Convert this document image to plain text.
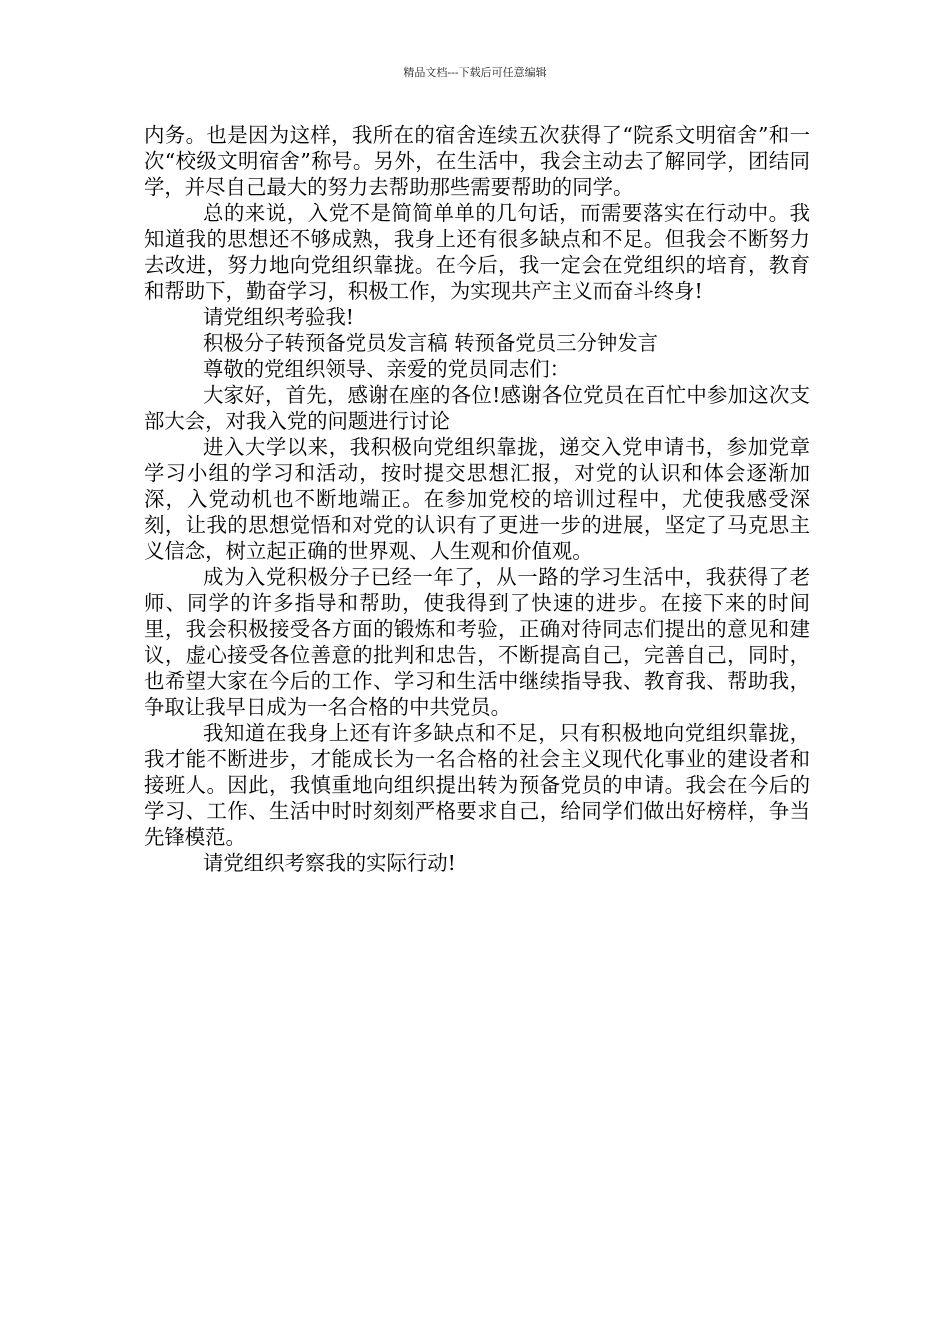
精品文档---下载后可任意编辑

内务。也是因为这样，我所在的宿舍连续五次获得了“院系文明宿舍”和一次“校级文明宿舍”称号。另外，在生活中，我会主动去了解同学，团结同学，并尽自己最大的努力去帮助那些需要帮助的同学。

总的来说，入党不是简简单单的几句话，而需要落实在行动中。我知道我的思想还不够成熟，我身上还有很多缺点和不足。但我会不断努力去改进，努力地向党组织靠拢。在今后，我一定会在党组织的培育，教育和帮助下，勤奋学习，积极工作，为实现共产主义而奋斗终身!

请党组织考验我!

积极分子转预备党员发言稿 转预备党员三分钟发言

尊敬的党组织领导、亲爱的党员同志们：

大家好，首先，感谢在座的各位!感谢各位党员在百忙中参加这次支部大会，对我入党的问题进行讨论

进入大学以来，我积极向党组织靠拢，递交入党申请书，参加党章学习小组的学习和活动，按时提交思想汇报，对党的认识和体会逐渐加深，入党动机也不断地端正。在参加党校的培训过程中，尤使我感受深刻，让我的思想觉悟和对党的认识有了更进一步的进展，坚定了马克思主义信念，树立起正确的世界观、人生观和价值观。

成为入党积极分子已经一年了，从一路的学习生活中，我获得了老师、同学的许多指导和帮助，使我得到了快速的进步。在接下来的时间里，我会积极接受各方面的锻炼和考验，正确对待同志们提出的意见和建议，虚心接受各位善意的批判和忠告，不断提高自己，完善自己，同时，也希望大家在今后的工作、学习和生活中继续指导我、教育我、帮助我，争取让我早日成为一名合格的中共党员。

我知道在我身上还有许多缺点和不足，只有积极地向党组织靠拢，我才能不断进步，才能成长为一名合格的社会主义现代化事业的建设者和接班人。因此，我慎重地向组织提出转为预备党员的申请。我会在今后的学习、工作、生活中时时刻刻严格要求自己，给同学们做出好榜样，争当先锋模范。

请党组织考察我的实际行动!
